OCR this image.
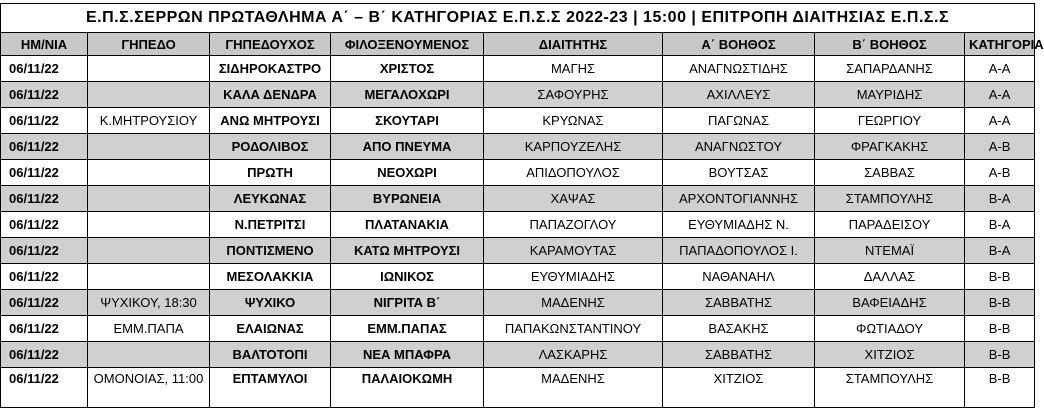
Ε.Π.Σ.ΣΕΡΡΩΝ ΠΡΩΤΑΘΛΗΜΑ Α΄ – Β΄ ΚΑΤΗΓΟΡΙΑΣ Ε.Π.Σ.Σ 2022-23 | 15:00 | ΕΠΙΤΡΟΠΗ ΔΙΑΙΤΗΣΙΑΣ Ε.Π.Σ.Σ							
ΗΜ/ΝΙΑ	ΓΗΠΕΔΟ	ΓΗΠΕΔΟΥΧΟΣ	ΦΙΛΟΞΕΝΟΥΜΕΝΟΣ	ΔΙΑΙΤΗΤΗΣ	Α΄ ΒΟΗΘΟΣ	Β΄ ΒΟΗΘΟΣ	ΚΑΤΗΓΟΡΙΑ
06/11/22		ΣΙΔΗΡΟΚΑΣΤΡΟ	ΧΡΙΣΤΟΣ	ΜΑΓΗΣ	ΑΝΑΓΝΩΣΤΙΔΗΣ	ΣΑΠΑΡΔΑΝΗΣ	Α-Α
06/11/22		ΚΑΛΑ ΔΕΝΔΡΑ	ΜΕΓΑΛΟΧΩΡΙ	ΣΑΦΟΥΡΗΣ	ΑΧΙΛΛΕΥΣ	ΜΑΥΡΙΔΗΣ	Α-Α
06/11/22	Κ.ΜΗΤΡΟΥΣΙΟΥ	ΑΝΩ ΜΗΤΡΟΥΣΙ	ΣΚΟΥΤΑΡΙ	ΚΡΥΩΝΑΣ	ΠΑΓΩΝΑΣ	ΓΕΩΡΓΙΟΥ	Α-Α
06/11/22		ΡΟΔΟΛΙΒΟΣ	ΑΠΟ ΠΝΕΥΜΑ	ΚΑΡΠΟΥΖΕΛΗΣ	ΑΝΑΓΝΩΣΤΟΥ	ΦΡΑΓΚΑΚΗΣ	Α-Β
06/11/22		ΠΡΩΤΗ	ΝΕΟΧΩΡΙ	ΑΠΙΔΟΠΟΥΛΟΣ	ΒΟΥΤΣΑΣ	ΣΑΒΒΑΣ	Α-Β
06/11/22		ΛΕΥΚΩΝΑΣ	ΒΥΡΩΝΕΙΑ	ΧΑΨΑΣ	ΑΡΧΟΝΤΟΓΙΑΝΝΗΣ	ΣΤΑΜΠΟΥΛΗΣ	Β-Α
06/11/22		Ν.ΠΕΤΡΙΤΣΙ	ΠΛΑΤΑΝΑΚΙΑ	ΠΑΠΑΖΟΓΛΟΥ	ΕΥΘΥΜΙΑΔΗΣ Ν.	ΠΑΡΑΔΕΙΣΟΥ	Β-Α
06/11/22		ΠΟΝΤΙΣΜΕΝΟ	ΚΑΤΩ ΜΗΤΡΟΥΣΙ	ΚΑΡΑΜΟΥΤΑΣ	ΠΑΠΑΔΟΠΟΥΛΟΣ Ι.	ΝΤΕΜΑΪ	Β-Α
06/11/22		ΜΕΣΟΛΑΚΚΙΑ	ΙΩΝΙΚΟΣ	ΕΥΘΥΜΙΑΔΗΣ	ΝΑΘΑΝΑΗΛ	ΔΑΛΛΑΣ	Β-Β
06/11/22	ΨΥΧΙΚΟΥ, 18:30	ΨΥΧΙΚΟ	ΝΙΓΡΙΤΑ Β΄	ΜΑΔΕΝΗΣ	ΣΑΒΒΑΤΗΣ	ΒΑΦΕΙΑΔΗΣ	Β-Β
06/11/22	ΕΜΜ.ΠΑΠΑ	ΕΛΑΙΩΝΑΣ	ΕΜΜ.ΠΑΠΑΣ	ΠΑΠΑΚΩΝΣΤΑΝΤΙΝΟΥ	ΒΑΣΑΚΗΣ	ΦΩΤΙΑΔΟΥ	Β-Β
06/11/22		ΒΑΛΤΟΤΟΠΙ	ΝΕΑ ΜΠΑΦΡΑ	ΛΑΣΚΑΡΗΣ	ΣΑΒΒΑΤΗΣ	ΧΙΤΖΙΟΣ	Β-Β
06/11/22	ΟΜΟΝΟΙΑΣ, 11:00	ΕΠΤΑΜΥΛΟΙ	ΠΑΛΑΙΟΚΩΜΗ	ΜΑΔΕΝΗΣ	ΧΙΤΖΙΟΣ	ΣΤΑΜΠΟΥΛΗΣ	Β-Β
